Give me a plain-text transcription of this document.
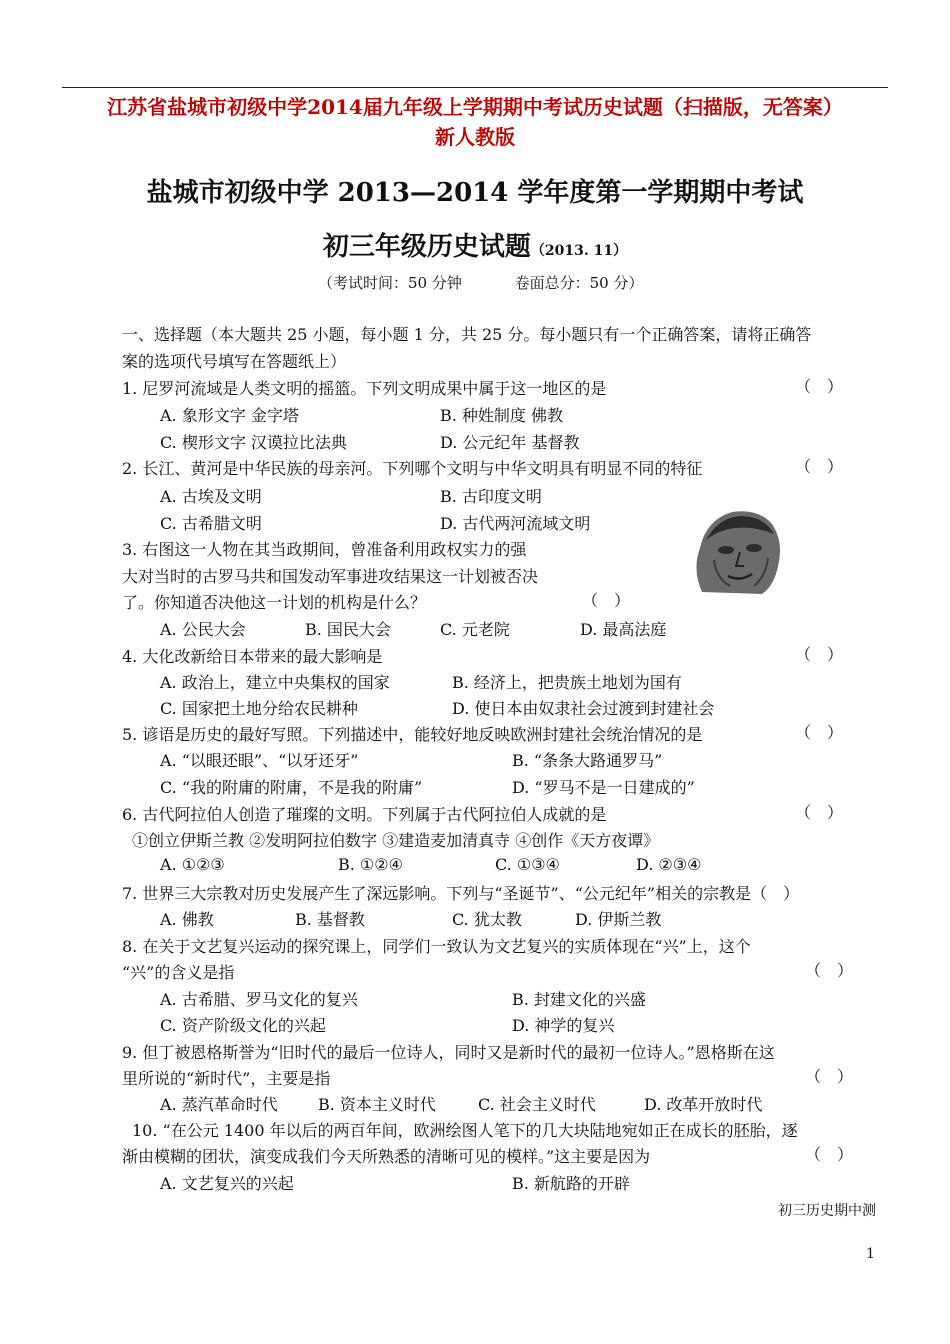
江苏省盐城市初级中学2014届九年级上学期期中考试历史试题（扫描版，无答案）
新人教版
盐城市初级中学 2013—2014 学年度第一学期期中考试
初三年级历史试题（2013. 11）
（考试时间：50 分钟	卷面总分：50 分）
一、选择题（本大题共 25 小题，每小题 1 分，共 25 分。每小题只有一个正确答案，请将正确答
案的选项代号填写在答题纸上）
1. 尼罗河流域是人类文明的摇篮。下列文明成果中属于这一地区的是	（　）
A. 象形文字 金字塔	B. 种姓制度 佛教
C. 楔形文字 汉谟拉比法典	D. 公元纪年 基督教
2. 长江、黄河是中华民族的母亲河。下列哪个文明与中华文明具有明显不同的特征	（　）
A. 古埃及文明	B. 古印度文明
C. 古希腊文明	D. 古代两河流域文明
3. 右图这一人物在其当政期间，曾准备利用政权实力的强
大对当时的古罗马共和国发动军事进攻结果这一计划被否决
了。你知道否决他这一计划的机构是什么？	（　）
A. 公民大会	B. 国民大会	C. 元老院	D. 最高法庭
4. 大化改新给日本带来的最大影响是	（　）
A. 政治上，建立中央集权的国家	B. 经济上，把贵族土地划为国有
C. 国家把土地分给农民耕种	D. 使日本由奴隶社会过渡到封建社会
5. 谚语是历史的最好写照。下列描述中，能较好地反映欧洲封建社会统治情况的是	（　）
A. “以眼还眼”、“以牙还牙”	B. “条条大路通罗马”
C. “我的附庸的附庸，不是我的附庸”	D. “罗马不是一日建成的”
6. 古代阿拉伯人创造了璀璨的文明。下列属于古代阿拉伯人成就的是	（　）
①创立伊斯兰教 ②发明阿拉伯数字 ③建造麦加清真寺 ④创作《天方夜谭》
A. ①②③	B. ①②④	C. ①③④	D. ②③④
7. 世界三大宗教对历史发展产生了深远影响。下列与“圣诞节”、“公元纪年”相关的宗教是（　）
A. 佛教	B. 基督教	C. 犹太教	D. 伊斯兰教
8. 在关于文艺复兴运动的探究课上，同学们一致认为文艺复兴的实质体现在“兴”上，这个
“兴”的含义是指	（　）
A. 古希腊、罗马文化的复兴	B. 封建文化的兴盛
C. 资产阶级文化的兴起	D. 神学的复兴
9. 但丁被恩格斯誉为“旧时代的最后一位诗人，同时又是新时代的最初一位诗人。”恩格斯在这
里所说的“新时代”，主要是指	（　）
A. 蒸汽革命时代	B. 资本主义时代	C. 社会主义时代	D. 改革开放时代
10. “在公元 1400 年以后的两百年间，欧洲绘图人笔下的几大块陆地宛如正在成长的胚胎，逐
渐由模糊的团状，演变成我们今天所熟悉的清晰可见的模样。”这主要是因为	（　）
A. 文艺复兴的兴起	B. 新航路的开辟
初三历史期中测
1
